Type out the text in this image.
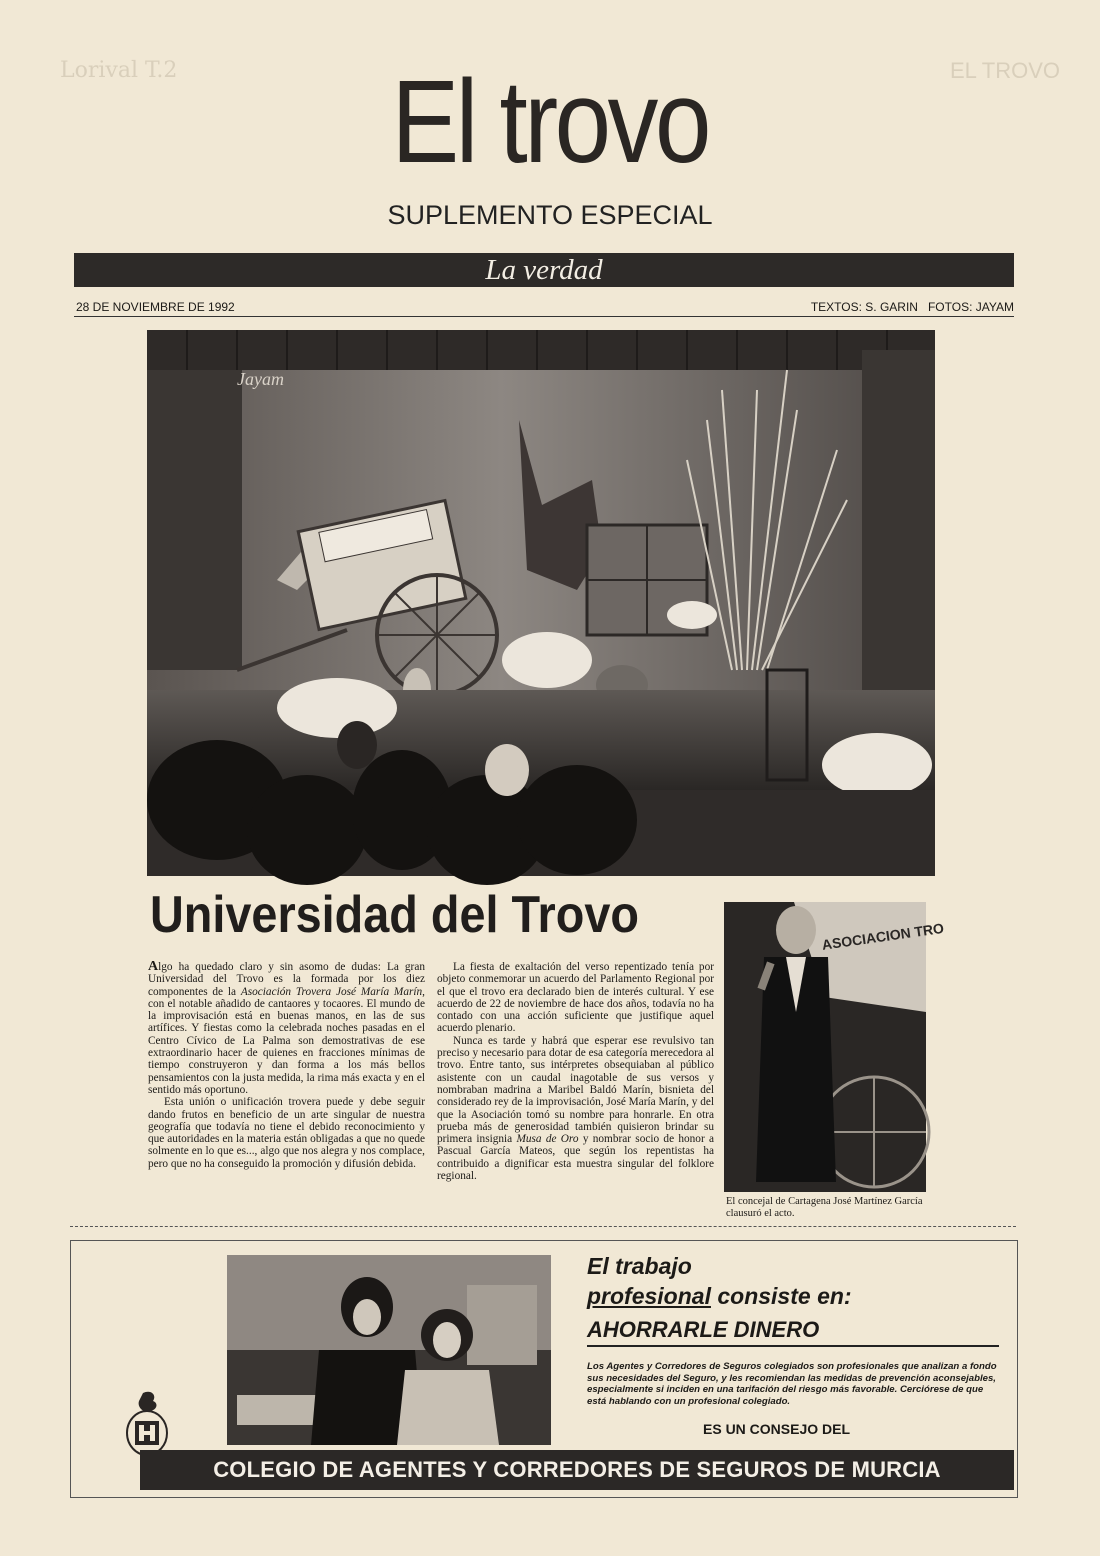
Lorival T.2	EL TROVO
El trovo
SUPLEMENTO ESPECIAL
La verdad
28 DE NOVIEMBRE DE 1992	TEXTOS: S. GARIN   FOTOS: JAYAM
Jayam
Universidad del Trovo

Algo ha quedado claro y sin asomo de dudas: La gran Universidad del Trovo es la formada por los diez componentes de la Asociación Trovera José María Marín, con el notable añadido de cantaores y tocaores. El mundo de la improvisación está en buenas manos, en las de sus artífices. Y fiestas como la celebrada noches pasadas en el Centro Cívico de La Palma son demostrativas de ese extraordinario hacer de quienes en fracciones mínimas de tiempo construyeron y dan forma a los más bellos pensamientos con la justa medida, la rima más exacta y en el sentido más oportuno.

Esta unión o unificación trovera puede y debe seguir dando frutos en beneficio de un arte singular de nuestra geografía que todavía no tiene el debido reconocimiento y que autoridades en la materia están obligadas a que no quede solmente en lo que es..., algo que nos alegra y nos complace, pero que no ha conseguido la promoción y difusión debida.

La fiesta de exaltación del verso repentizado tenía por objeto conmemorar un acuerdo del Parlamento Regional por el que el trovo era declarado bien de interés cultural. Y ese acuerdo de 22 de noviembre de hace dos años, todavía no ha contado con una acción suficiente que justifique aquel acuerdo plenario.

Nunca es tarde y habrá que esperar ese revulsivo tan preciso y necesario para dotar de esa categoría merecedora al trovo. Entre tanto, sus intérpretes obsequiaban al público asistente con un caudal inagotable de sus versos y nombraban madrina a Maribel Baldó Marín, bisnieta del considerado rey de la improvisación, José María Marín, y del que la Asociación tomó su nombre para honrarle. En otra prueba más de generosidad también quisieron brindar su primera insignia Musa de Oro y nombrar socio de honor a Pascual García Mateos, que según los repentistas ha contribuido a dignificar esta muestra singular del folklore regional.

ASOCIACION TRO
El concejal de Cartagena José Martínez García clausuró el acto.
El trabajo
profesional consiste en:
AHORRARLE DINERO
Los Agentes y Corredores de Seguros colegiados son profesionales que analizan a fondo sus necesidades del Seguro, y les recomiendan las medidas de prevención aconsejables, especialmente si inciden en una tarifación del riesgo más favorable. Cerciórese de que está hablando con un profesional colegiado.
ES UN CONSEJO DEL
COLEGIO DE AGENTES Y CORREDORES DE SEGUROS DE MURCIA
